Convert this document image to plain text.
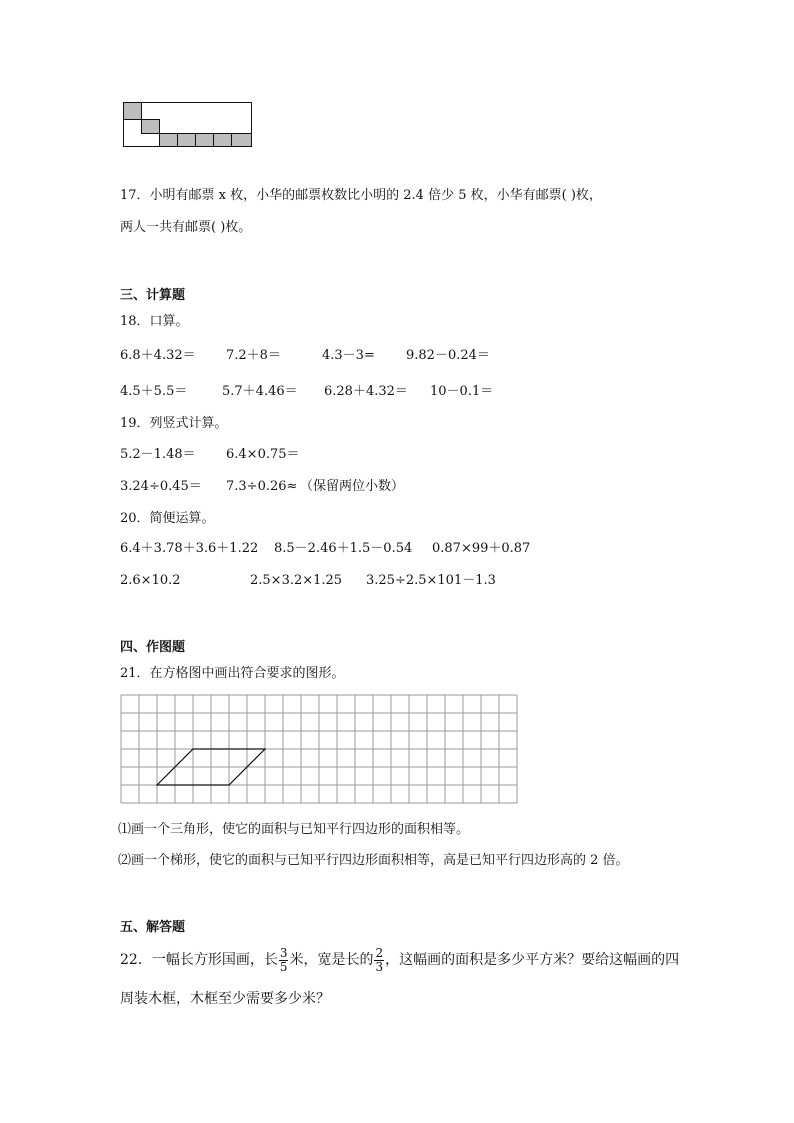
17．小明有邮票 x 枚，小华的邮票枚数比小明的 2.4 倍少 5 枚，小华有邮票( )枚，
两人一共有邮票( )枚。
三、计算题
18．口算。
6.8＋4.32＝ 7.2＋8＝	4.3－3= 9.82－0.24＝
4.5＋5.5＝	5.7＋4.46＝ 6.28＋4.32＝ 10－0.1＝
19．列竖式计算。
5.2－1.48＝ 6.4×0.75＝
3.24÷0.45＝ 7.3÷0.26≈ （保留两位小数）
20．简便运算。
6.4＋3.78＋3.6＋1.22 8.5－2.46＋1.5－0.54 0.87×99＋0.87
2.6×10.2	2.5×3.2×1.25 3.25÷2.5×101－1.3
四、作图题
21．在方格图中画出符合要求的图形。
⑴画一个三角形，使它的面积与已知平行四边形的面积相等。
⑵画一个梯形，使它的面积与已知平行四边形面积相等，高是已知平行四边形高的 2 倍。
五、解答题
22．一幅长方形国画，长 $\frac{3}{5}$ 米，宽是长的 $\frac{2}{3}$ ，这幅画的面积是多少平方米？要给这幅画的四
周装木框，木框至少需要多少米？
